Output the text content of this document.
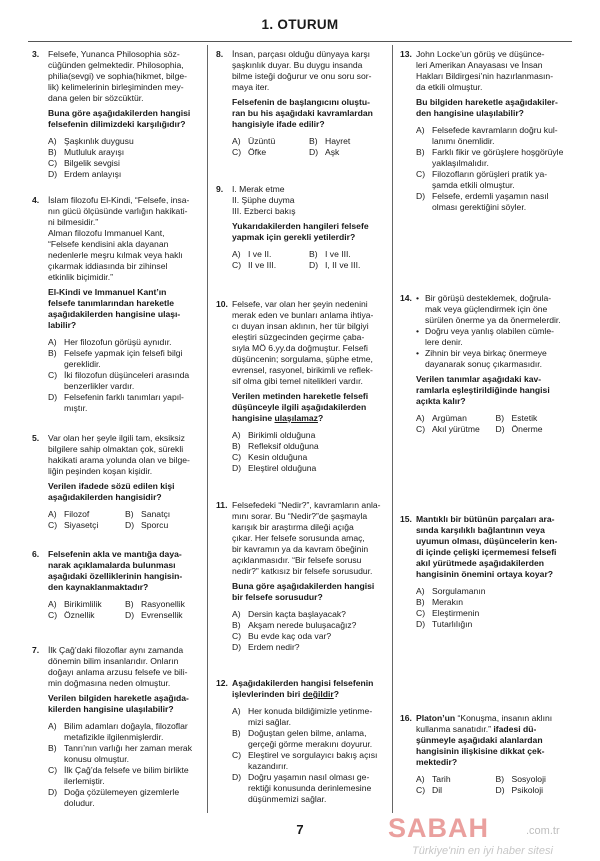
1. OTURUM
3.	Felsefe, Yunanca Philosophia söz-
cüğünden gelmektedir. Philosophia,
philia(sevgi) ve sophia(hikmet, bilge-
lik) kelimelerinin birleşiminden mey-
dana gelen bir sözcüktür.
Buna göre aşağıdakilerden hangisi
felsefenin dilimizdeki karşılığıdır?
A) Şaşkınlık duygusu
B) Mutluluk arayışı
C) Bilgelik sevgisi
D) Erdem anlayışı
4.	İslam filozofu El-Kindi, “Felsefe, insa-
nın gücü ölçüsünde varlığın hakikati-
ni bilmesidir.”
Alman filozofu Immanuel Kant,
“Felsefe kendisini akla dayanan
nedenlerle meşru kılmak veya haklı
çıkarmak iddiasında bir zihinsel
etkinlik biçimidir.”
El-Kindi ve Immanuel Kant’ın
felsefe tanımlarından hareketle
aşağıdakilerden hangisine ulaşı-
labilir?
A) Her filozofun görüşü aynıdır.
B) Felsefe yapmak için felsefi bilgi
gereklidir.
C) İki filozofun düşünceleri arasında
benzerlikler vardır.
D) Felsefenin farklı tanımları yapıl-
mıştır.
5.	Var olan her şeyle ilgili tam, eksiksiz
bilgilere sahip olmaktan çok, sürekli
hakikati arama yolunda olan ve bilge-
liğin peşinden koşan kişidir.
Verilen ifadede sözü edilen kişi
aşağıdakilerden hangisidir?
A) Filozof	B) Sanatçı
C) Siyasetçi	D) Sporcu
6.	Felsefenin akla ve mantığa daya-
narak açıklamalarda bulunması
aşağıdaki özelliklerinin hangisin-
den kaynaklanmaktadır?
A) Birikimlilik	B) Rasyonellik
C) Öznellik	D) Evrensellik
7.	İlk Çağ’daki filozoflar aynı zamanda
dönemin bilim insanlarıdır. Onların
doğayı anlama arzusu felsefe ve bili-
min doğmasına neden olmuştur.
Verilen bilgiden hareketle aşağıda-
kilerden hangisine ulaşılabilir?
A) Bilim adamları doğayla, filozoflar
metafizikle ilgilenmişlerdir.
B) Tanrı’nın varlığı her zaman merak
konusu olmuştur.
C) İlk Çağ’da felsefe ve bilim birlikte
ilerlemiştir.
D) Doğa çözülemeyen gizemlerle
doludur.
8.	İnsan, parçası olduğu dünyaya karşı
şaşkınlık duyar. Bu duygu insanda
bilme isteği doğurur ve onu soru sor-
maya iter.
Felsefenin de başlangıcını oluştu-
ran bu his aşağıdaki kavramlardan
hangisiyle ifade edilir?
A) Üzüntü	B) Hayret
C) Öfke	D) Aşk
9.	I. Merak etme
II. Şüphe duyma
III. Ezberci bakış
Yukarıdakilerden hangileri felsefe
yapmak için gerekli yetilerdir?
A) I ve II.	B) I ve III.
C) II ve III.	D) I, II ve III.
10. Felsefe, var olan her şeyin nedenini
merak eden ve bunları anlama ihtiya-
cı duyan insan aklının, her tür bilgiyi
eleştiri süzgecinden geçirme çaba-
sıyla MÖ 6.yy.da doğmuştur. Felsefi
düşüncenin; sorgulama, şüphe etme,
evrensel, rasyonel, birikimli ve reflek-
sif olma gibi temel nitelikleri vardır.
Verilen metinden hareketle felsefi
düşünceyle ilgili aşağıdakilerden
hangisine ulaşılamaz?
A) Birikimli olduğuna
B) Refleksif olduğuna
C) Kesin olduğuna
D) Eleştirel olduğuna
11. Felsefedeki “Nedir?”, kavramların anla-
mını sorar. Bu “Nedir?”de şaşmayla
karışık bir araştırma dileği açığa
çıkar. Her felsefe sorusunda amaç,
bir kavramın ya da kavram öbeğinin
açıklanmasıdır. “Bir felsefe sorusu
nedir?” katkısız bir felsefe sorusudur.
Buna göre aşağıdakilerden hangisi
bir felsefe sorusudur?
A) Dersin kaçta başlayacak?
B) Akşam nerede buluşacağız?
C) Bu evde kaç oda var?
D) Erdem nedir?
12. Aşağıdakilerden hangisi felsefenin
işlevlerinden biri değildir?
A) Her konuda bildiğimizle yetinme-
mizi sağlar.
B) Doğuştan gelen bilme, anlama,
gerçeği görme merakını doyurur.
C) Eleştirel ve sorgulayıcı bakış açısı
kazandırır.
D) Doğru yaşamın nasıl olması ge-
rektiği konusunda derinlemesine
düşünmemizi sağlar.
13. John Locke’un görüş ve düşünce-
leri Amerikan Anayasası ve İnsan
Hakları Bildirgesi’nin hazırlanmasın-
da etkili olmuştur.
Bu bilgiden hareketle aşağıdakiler-
den hangisine ulaşılabilir?
A) Felsefede kavramların doğru kul-
lanımı önemlidir.
B) Farklı fikir ve görüşlere hoşgörüyle
yaklaşılmalıdır.
C) Filozofların görüşleri pratik ya-
şamda etkili olmuştur.
D) Felsefe, erdemli yaşamın nasıl
olması gerektiğini söyler.
14. • Bir görüşü desteklemek, doğrula-
mak veya güçlendirmek için öne
sürülen önerme ya da önermelerdir.
• Doğru veya yanlış olabilen cümle-
lere denir.
• Zihnin bir veya birkaç önermeye
dayanarak sonuç çıkarmasıdır.
Verilen tanımlar aşağıdaki kav-
ramlarla eşleştirildiğinde hangisi
açıkta kalır?
A) Argüman	B) Estetik
C) Akıl yürütme	D) Önerme
15. Mantıklı bir bütünün parçaları ara-
sında karşılıklı bağlantının veya
uyumun olması, düşüncelerin ken-
di içinde çelişki içermemesi felsefi
akıl yürütmede aşağıdakilerden
hangisinin önemini ortaya koyar?
A) Sorgulamanın
B) Merakın
C) Eleştirmenin
D) Tutarlılığın
16. Platon’un “Konuşma, insanın aklını
kullanma sanatıdır.” ifadesi dü-
şünmeyle aşağıdaki alanlardan
hangisinin ilişkisine dikkat çek-
mektedir?
A) Tarih	B) Sosyoloji
C) Dil	D) Psikoloji
7	SABAH	.com.tr
Türkiye'nin en iyi haber sitesi
